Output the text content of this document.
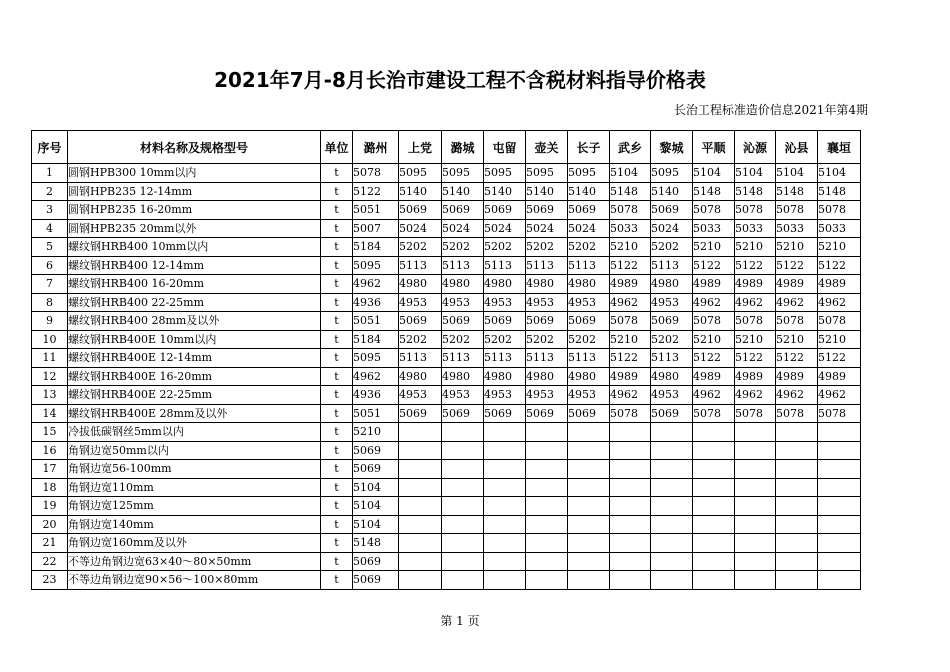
2021年7月-8月长治市建设工程不含税材料指导价格表
长治工程标准造价信息2021年第4期
序号	材料名称及规格型号	单位	潞州	上党	潞城	屯留	壶关	长子	武乡	黎城	平顺	沁源	沁县	襄垣
1	圆钢HPB300 10mm以内	t	5078	5095	5095	5095	5095	5095	5104	5095	5104	5104	5104	5104
2	圆钢HPB235 12-14mm	t	5122	5140	5140	5140	5140	5140	5148	5140	5148	5148	5148	5148
3	圆钢HPB235 16-20mm	t	5051	5069	5069	5069	5069	5069	5078	5069	5078	5078	5078	5078
4	圆钢HPB235 20mm以外	t	5007	5024	5024	5024	5024	5024	5033	5024	5033	5033	5033	5033
5	螺纹钢HRB400 10mm以内	t	5184	5202	5202	5202	5202	5202	5210	5202	5210	5210	5210	5210
6	螺纹钢HRB400 12-14mm	t	5095	5113	5113	5113	5113	5113	5122	5113	5122	5122	5122	5122
7	螺纹钢HRB400 16-20mm	t	4962	4980	4980	4980	4980	4980	4989	4980	4989	4989	4989	4989
8	螺纹钢HRB400 22-25mm	t	4936	4953	4953	4953	4953	4953	4962	4953	4962	4962	4962	4962
9	螺纹钢HRB400 28mm及以外	t	5051	5069	5069	5069	5069	5069	5078	5069	5078	5078	5078	5078
10	螺纹钢HRB400E 10mm以内	t	5184	5202	5202	5202	5202	5202	5210	5202	5210	5210	5210	5210
11	螺纹钢HRB400E 12-14mm	t	5095	5113	5113	5113	5113	5113	5122	5113	5122	5122	5122	5122
12	螺纹钢HRB400E 16-20mm	t	4962	4980	4980	4980	4980	4980	4989	4980	4989	4989	4989	4989
13	螺纹钢HRB400E 22-25mm	t	4936	4953	4953	4953	4953	4953	4962	4953	4962	4962	4962	4962
14	螺纹钢HRB400E 28mm及以外	t	5051	5069	5069	5069	5069	5069	5078	5069	5078	5078	5078	5078
15	冷拔低碳钢丝5mm以内	t	5210											
16	角钢边宽50mm以内	t	5069											
17	角钢边宽56-100mm	t	5069											
18	角钢边宽110mm	t	5104											
19	角钢边宽125mm	t	5104											
20	角钢边宽140mm	t	5104											
21	角钢边宽160mm及以外	t	5148											
22	不等边角钢边宽63×40～80×50mm	t	5069											
23	不等边角钢边宽90×56～100×80mm	t	5069											
第 1 页
